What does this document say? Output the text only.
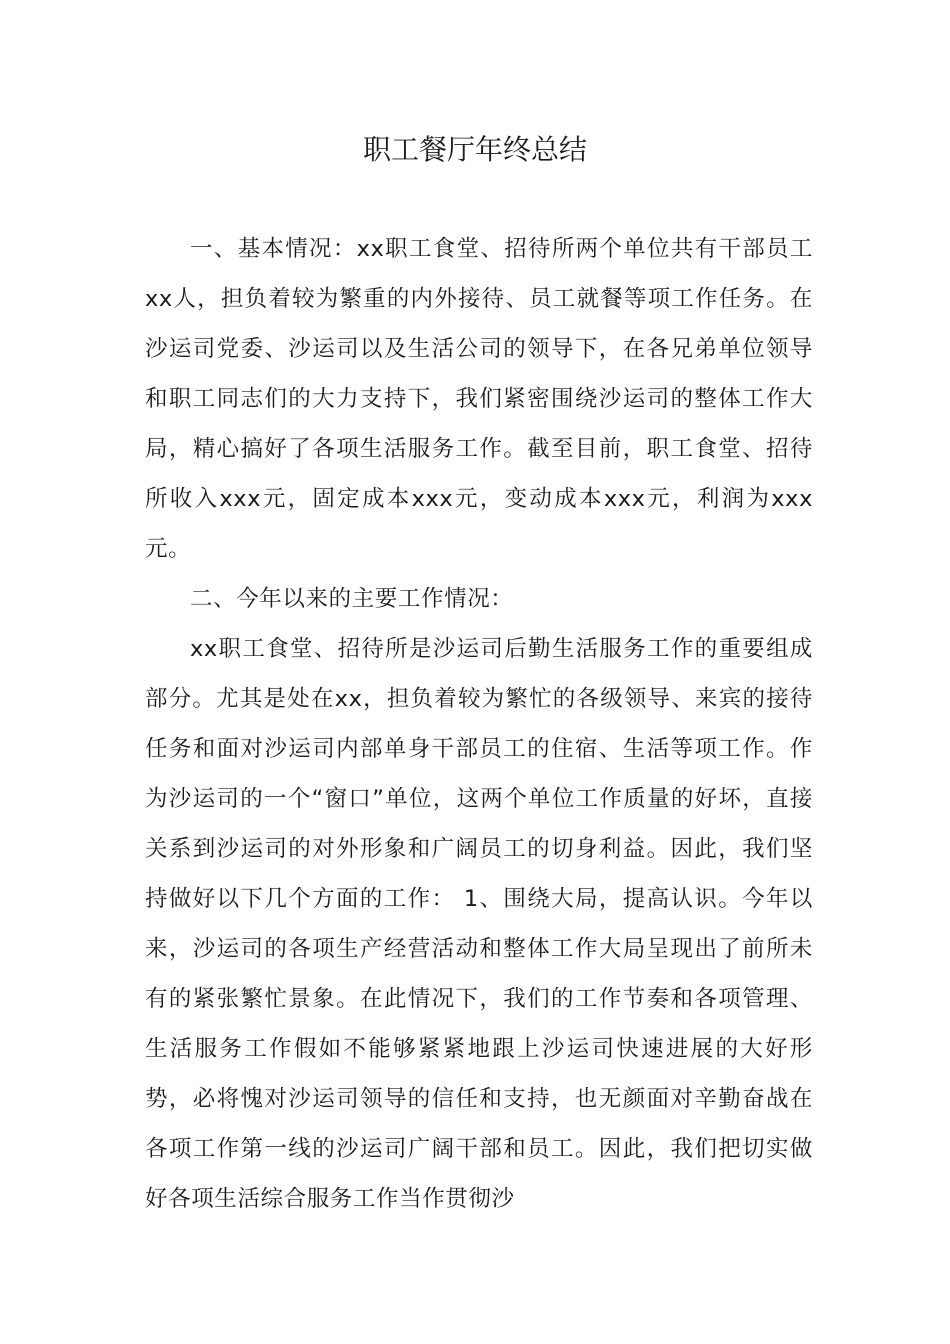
职工餐厅年终总结

一、基本情况：xx职工食堂、招待所两个单位共有干部员工xx人，担负着较为繁重的内外接待、员工就餐等项工作任务。在沙运司党委、沙运司以及生活公司的领导下，在各兄弟单位领导和职工同志们的大力支持下，我们紧密围绕沙运司的整体工作大局，精心搞好了各项生活服务工作。截至目前，职工食堂、招待所收入xxx元，固定成本xxx元，变动成本xxx元，利润为xxx元。

二、今年以来的主要工作情况：

xx职工食堂、招待所是沙运司后勤生活服务工作的重要组成部分。尤其是处在xx，担负着较为繁忙的各级领导、来宾的接待任务和面对沙运司内部单身干部员工的住宿、生活等项工作。作为沙运司的一个“窗口”单位，这两个单位工作质量的好坏，直接关系到沙运司的对外形象和广阔员工的切身利益。因此，我们坚持做好以下几个方面的工作： 1、围绕大局，提高认识。今年以来，沙运司的各项生产经营活动和整体工作大局呈现出了前所未有的紧张繁忙景象。在此情况下，我们的工作节奏和各项管理、生活服务工作假如不能够紧紧地跟上沙运司快速进展的大好形势，必将愧对沙运司领导的信任和支持，也无颜面对辛勤奋战在各项工作第一线的沙运司广阔干部和员工。因此，我们把切实做好各项生活综合服务工作当作贯彻沙
